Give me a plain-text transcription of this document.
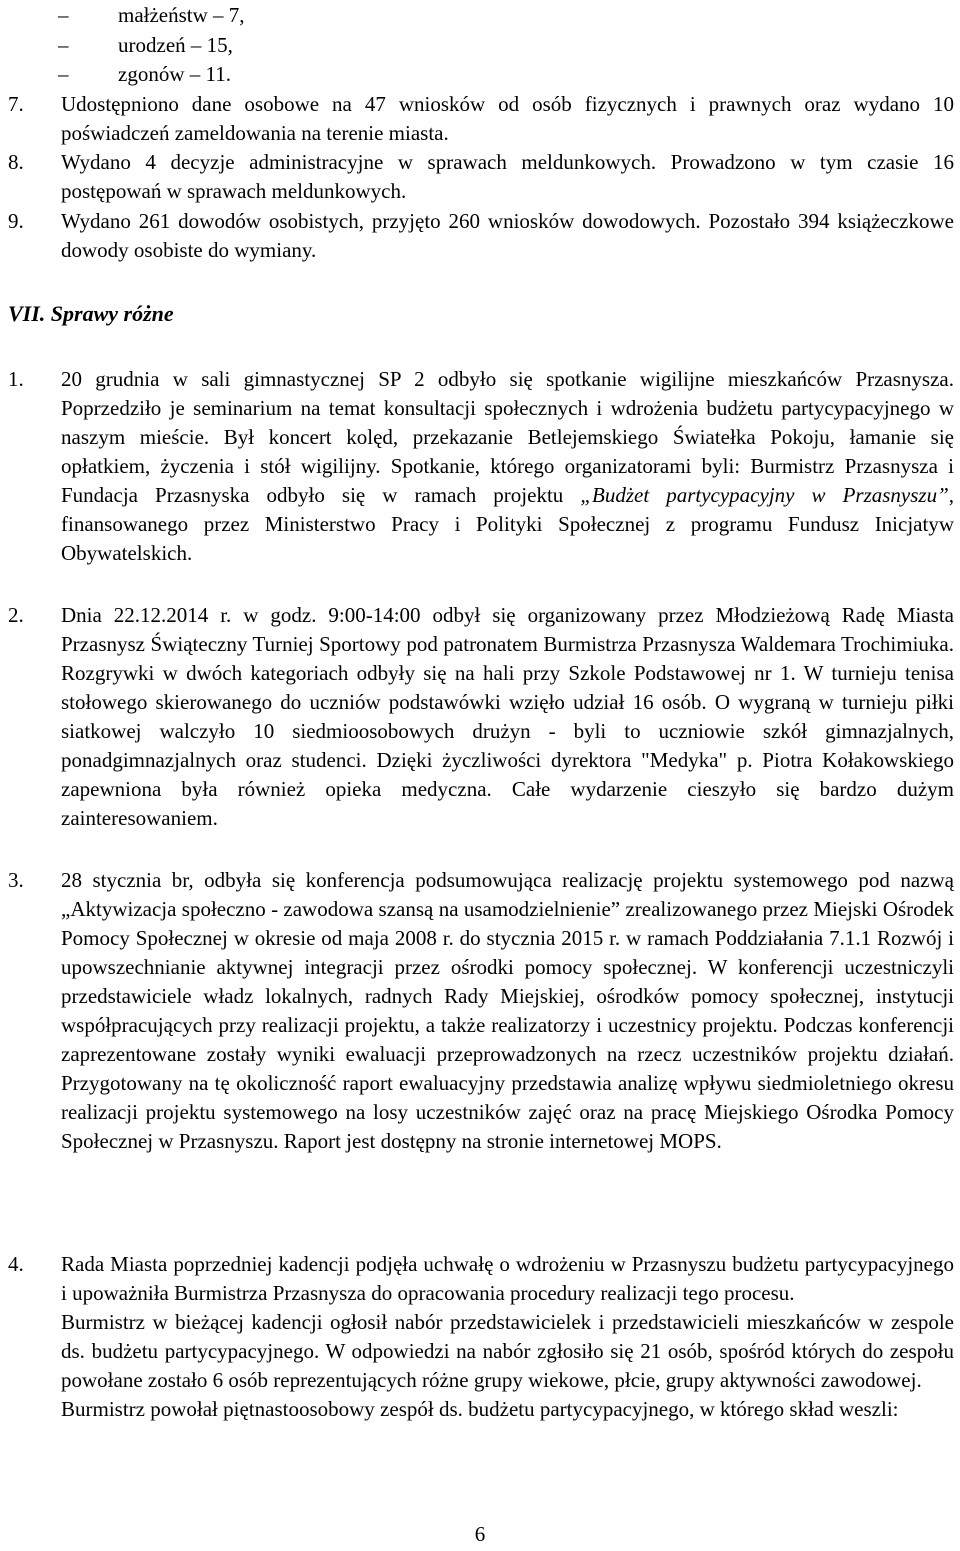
–	małżeństw – 7,
–	urodzeń – 15,
–	zgonów – 11.
7.	Udostępniono dane osobowe na 47 wniosków od osób fizycznych i prawnych oraz wydano 10 poświadczeń zameldowania na terenie miasta.

8.	Wydano 4 decyzje administracyjne w sprawach meldunkowych. Prowadzono w tym czasie 16 postępowań w sprawach meldunkowych.

9.	Wydano 261 dowodów osobistych, przyjęto 260 wniosków dowodowych. Pozostało 394 książeczkowe dowody osobiste do wymiany.

VII. Sprawy różne
1.	20 grudnia w sali gimnastycznej SP 2 odbyło się spotkanie wigilijne mieszkańców Przasnysza. Poprzedziło je seminarium na temat konsultacji społecznych i wdrożenia budżetu partycypacyjnego w naszym mieście. Był koncert kolęd, przekazanie Betlejemskiego Światełka Pokoju, łamanie się opłatkiem, życzenia i stół wigilijny. Spotkanie, którego organizatorami byli: Burmistrz Przasnysza i Fundacja Przasnyska odbyło się w ramach projektu „Budżet partycypacyjny w Przasnyszu”, finansowanego przez Ministerstwo Pracy i Polityki Społecznej z programu Fundusz Inicjatyw Obywatelskich.

2.	Dnia 22.12.2014 r. w godz. 9:00-14:00 odbył się organizowany przez Młodzieżową Radę Miasta Przasnysz Świąteczny Turniej Sportowy pod patronatem Burmistrza Przasnysza Waldemara Trochimiuka. Rozgrywki w dwóch kategoriach odbyły się na hali przy Szkole Podstawowej nr 1. W turnieju tenisa stołowego skierowanego do uczniów podstawówki wzięło udział 16 osób. O wygraną w turnieju piłki siatkowej walczyło 10 siedmioosobowych drużyn - byli to uczniowie szkół gimnazjalnych, ponadgimnazjalnych oraz studenci. Dzięki życzliwości dyrektora "Medyka" p. Piotra Kołakowskiego zapewniona była również opieka medyczna. Całe wydarzenie cieszyło się bardzo dużym zainteresowaniem.

3.	28 stycznia br, odbyła się konferencja podsumowująca realizację projektu systemowego pod nazwą „Aktywizacja społeczno - zawodowa szansą na usamodzielnienie” zrealizowanego przez Miejski Ośrodek Pomocy Społecznej w okresie od maja 2008 r. do stycznia 2015 r. w ramach Poddziałania 7.1.1 Rozwój i upowszechnianie aktywnej integracji przez ośrodki pomocy społecznej. W konferencji uczestniczyli przedstawiciele władz lokalnych, radnych Rady Miejskiej, ośrodków pomocy społecznej, instytucji współpracujących przy realizacji projektu, a także realizatorzy i uczestnicy projektu. Podczas konferencji zaprezentowane zostały wyniki ewaluacji przeprowadzonych na rzecz uczestników projektu działań. Przygotowany na tę okoliczność raport ewaluacyjny przedstawia analizę wpływu siedmioletniego okresu realizacji projektu systemowego na losy uczestników zajęć oraz na pracę Miejskiego Ośrodka Pomocy Społecznej w Przasnyszu. Raport jest dostępny na stronie internetowej MOPS.

4.	Rada Miasta poprzedniej kadencji podjęła uchwałę o wdrożeniu w Przasnyszu budżetu partycypacyjnego i upoważniła Burmistrza Przasnysza do opracowania procedury realizacji tego procesu.

Burmistrz w bieżącej kadencji ogłosił nabór przedstawicielek i przedstawicieli mieszkańców w zespole ds. budżetu partycypacyjnego. W odpowiedzi na nabór zgłosiło się 21 osób, spośród których do zespołu powołane zostało 6 osób reprezentujących różne grupy wiekowe, płcie, grupy aktywności zawodowej.

Burmistrz powołał piętnastoosobowy zespół ds. budżetu partycypacyjnego, w którego skład weszli:

6
